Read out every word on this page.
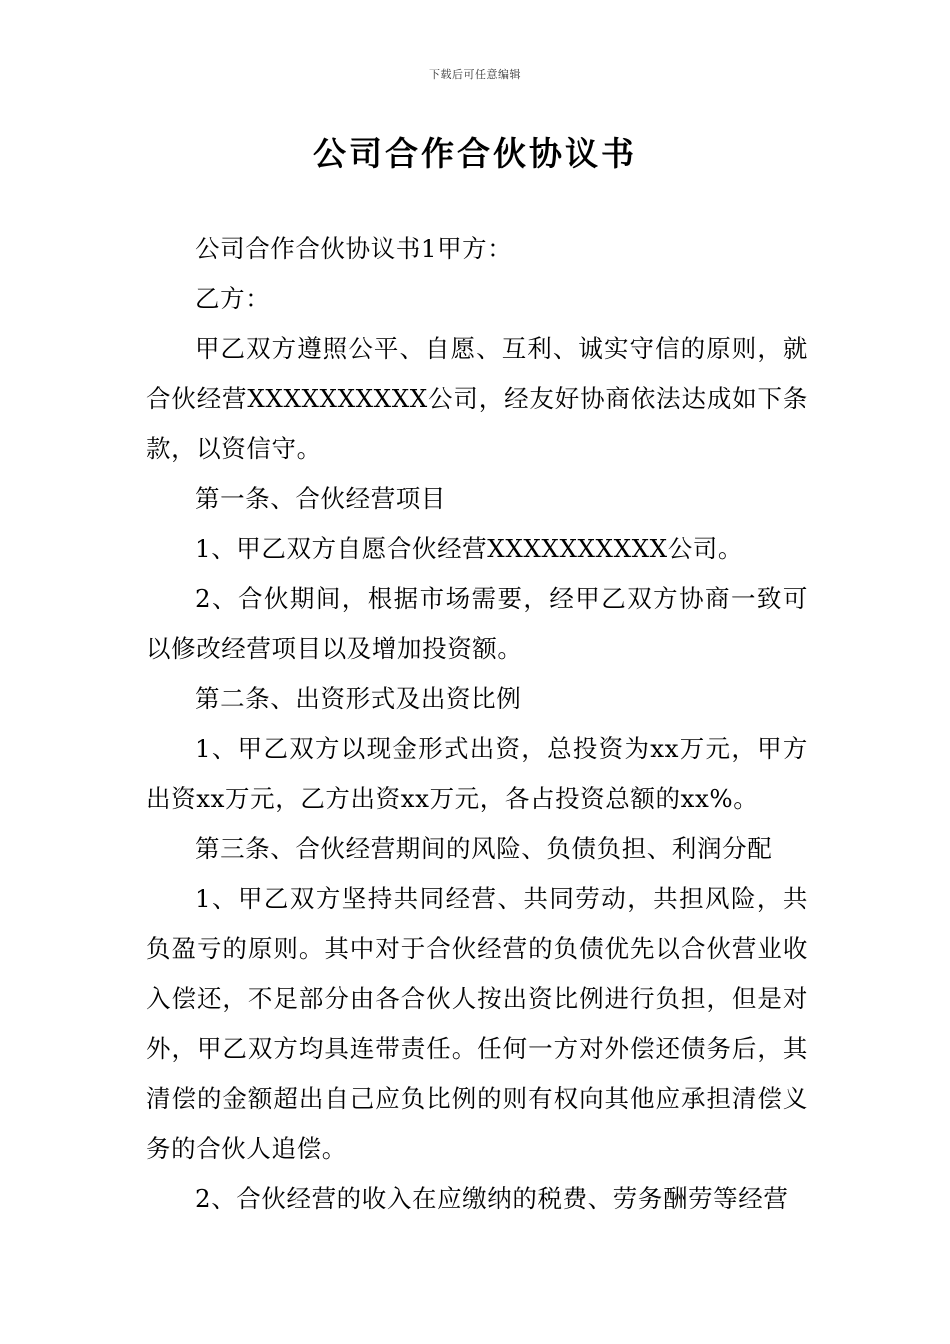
下载后可任意编辑
公司合作合伙协议书

公司合作合伙协议书1甲方：

乙方：

甲乙双方遵照公平、自愿、互利、诚实守信的原则，就合伙经营XXXXXXXXXX公司，经友好协商依法达成如下条款，以资信守。

第一条、合伙经营项目

1、甲乙双方自愿合伙经营XXXXXXXXXX公司。

2、合伙期间，根据市场需要，经甲乙双方协商一致可以修改经营项目以及增加投资额。

第二条、出资形式及出资比例

1、甲乙双方以现金形式出资，总投资为xx万元，甲方出资xx万元，乙方出资xx万元，各占投资总额的xx%。

第三条、合伙经营期间的风险、负债负担、利润分配

1、甲乙双方坚持共同经营、共同劳动，共担风险，共负盈亏的原则。其中对于合伙经营的负债优先以合伙营业收入偿还，不足部分由各合伙人按出资比例进行负担，但是对外，甲乙双方均具连带责任。任何一方对外偿还债务后，其清偿的金额超出自己应负比例的则有权向其他应承担清偿义务的合伙人追偿。

2、合伙经营的收入在应缴纳的税费、劳务酬劳等经营
